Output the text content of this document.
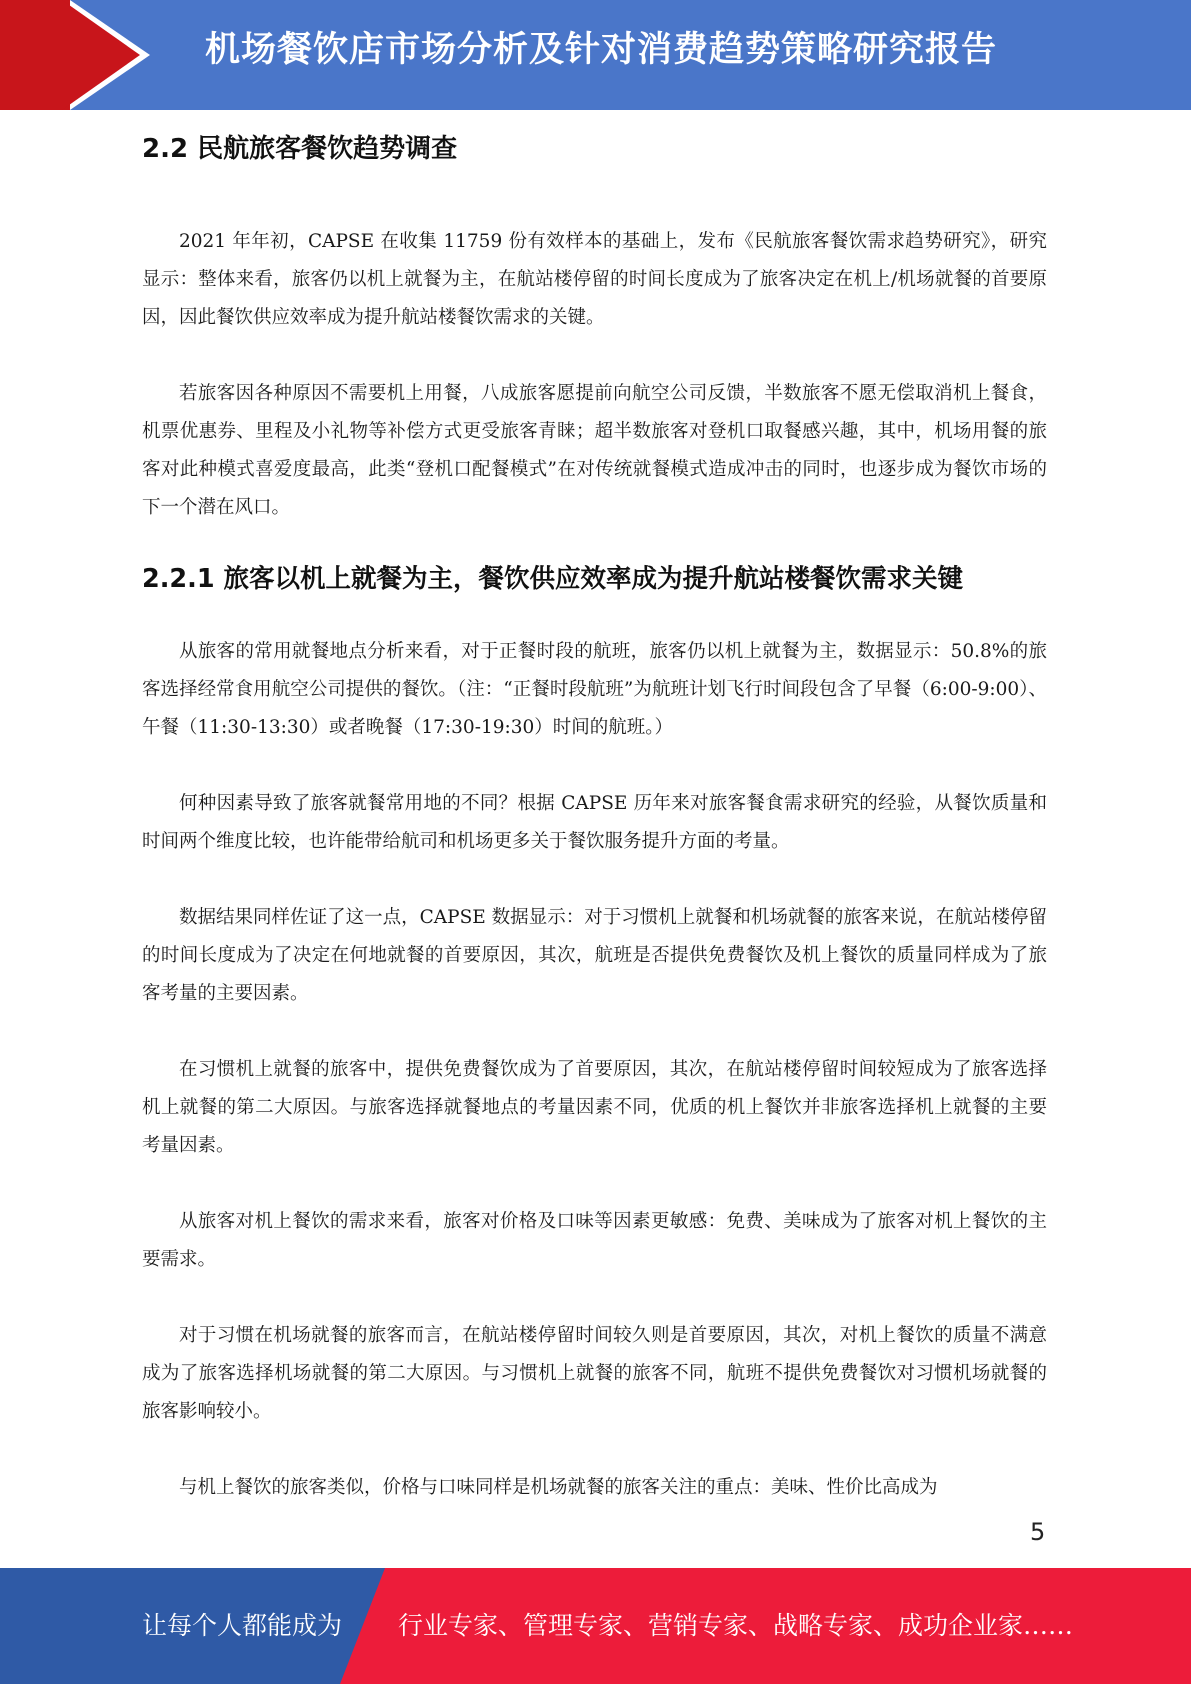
机场餐饮店市场分析及针对消费趋势策略研究报告
2.2 民航旅客餐饮趋势调查

2021 年年初，CAPSE 在收集 11759 份有效样本的基础上，发布《民航旅客餐饮需求趋势研究》，研究显示：整体来看，旅客仍以机上就餐为主，在航站楼停留的时间长度成为了旅客决定在机上/机场就餐的首要原因，因此餐饮供应效率成为提升航站楼餐饮需求的关键。

若旅客因各种原因不需要机上用餐，八成旅客愿提前向航空公司反馈，半数旅客不愿无偿取消机上餐食，机票优惠券、里程及小礼物等补偿方式更受旅客青睐；超半数旅客对登机口取餐感兴趣，其中，机场用餐的旅客对此种模式喜爱度最高，此类“登机口配餐模式”在对传统就餐模式造成冲击的同时，也逐步成为餐饮市场的下一个潜在风口。

2.2.1 旅客以机上就餐为主，餐饮供应效率成为提升航站楼餐饮需求关键

从旅客的常用就餐地点分析来看，对于正餐时段的航班，旅客仍以机上就餐为主，数据显示：50.8%的旅客选择经常食用航空公司提供的餐饮。（注：“正餐时段航班”为航班计划飞行时间段包含了早餐（6:00-9:00）、午餐（11:30-13:30）或者晚餐（17:30-19:30）时间的航班。）

何种因素导致了旅客就餐常用地的不同？根据 CAPSE 历年来对旅客餐食需求研究的经验，从餐饮质量和时间两个维度比较，也许能带给航司和机场更多关于餐饮服务提升方面的考量。

数据结果同样佐证了这一点，CAPSE 数据显示：对于习惯机上就餐和机场就餐的旅客来说，在航站楼停留的时间长度成为了决定在何地就餐的首要原因，其次，航班是否提供免费餐饮及机上餐饮的质量同样成为了旅客考量的主要因素。

在习惯机上就餐的旅客中，提供免费餐饮成为了首要原因，其次，在航站楼停留时间较短成为了旅客选择机上就餐的第二大原因。与旅客选择就餐地点的考量因素不同，优质的机上餐饮并非旅客选择机上就餐的主要考量因素。

从旅客对机上餐饮的需求来看，旅客对价格及口味等因素更敏感：免费、美味成为了旅客对机上餐饮的主要需求。

对于习惯在机场就餐的旅客而言，在航站楼停留时间较久则是首要原因，其次，对机上餐饮的质量不满意成为了旅客选择机场就餐的第二大原因。与习惯机上就餐的旅客不同，航班不提供免费餐饮对习惯机场就餐的旅客影响较小。

与机上餐饮的旅客类似，价格与口味同样是机场就餐的旅客关注的重点：美味、性价比高成为

5
让每个人都能成为 行业专家、管理专家、营销专家、战略专家、成功企业家……
